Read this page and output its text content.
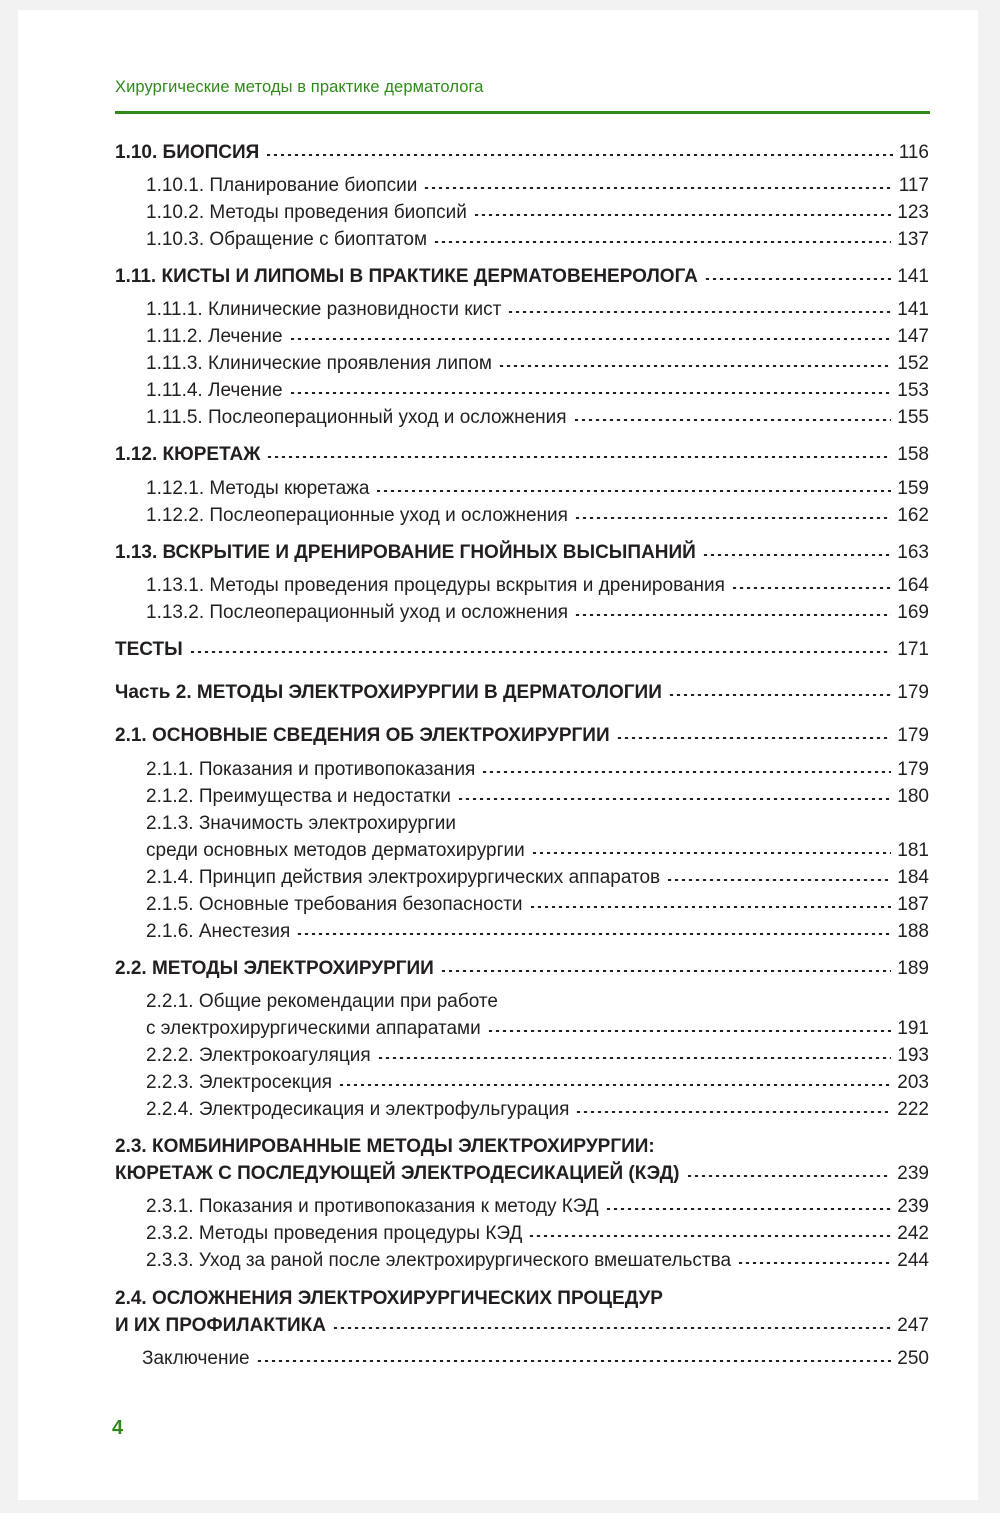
Хирургические методы в практике дерматолога
1.10. БИОПСИЯ	116
1.10.1. Планирование биопсии	117
1.10.2. Методы проведения биопсий	123
1.10.3. Обращение с биоптатом	137
1.11. КИСТЫ И ЛИПОМЫ В ПРАКТИКЕ ДЕРМАТОВЕНЕРОЛОГА	141
1.11.1. Клинические разновидности кист	141
1.11.2. Лечение	147
1.11.3. Клинические проявления липом	152
1.11.4. Лечение	153
1.11.5. Послеоперационный уход и осложнения	155
1.12. КЮРЕТАЖ	158
1.12.1. Методы кюретажа	159
1.12.2. Послеоперационные уход и осложнения	162
1.13. ВСКРЫТИЕ И ДРЕНИРОВАНИЕ ГНОЙНЫХ ВЫСЫПАНИЙ	163
1.13.1. Методы проведения процедуры вскрытия и дренирования	164
1.13.2. Послеоперационный уход и осложнения	169
ТЕСТЫ	171
Часть 2. МЕТОДЫ ЭЛЕКТРОХИРУРГИИ В ДЕРМАТОЛОГИИ	179
2.1. ОСНОВНЫЕ СВЕДЕНИЯ ОБ ЭЛЕКТРОХИРУРГИИ	179
2.1.1. Показания и противопоказания	179
2.1.2. Преимущества и недостатки	180
2.1.3. Значимость электрохирургии
среди основных методов дерматохирургии	181
2.1.4. Принцип действия электрохирургических аппаратов	184
2.1.5. Основные требования безопасности	187
2.1.6. Анестезия	188
2.2. МЕТОДЫ ЭЛЕКТРОХИРУРГИИ	189
2.2.1. Общие рекомендации при работе
с электрохирургическими аппаратами	191
2.2.2. Электрокоагуляция	193
2.2.3. Электросекция	203
2.2.4. Электродесикация и электрофульгурация	222
2.3. КОМБИНИРОВАННЫЕ МЕТОДЫ ЭЛЕКТРОХИРУРГИИ:
КЮРЕТАЖ С ПОСЛЕДУЮЩЕЙ ЭЛЕКТРОДЕСИКАЦИЕЙ (КЭД)	239
2.3.1. Показания и противопоказания к методу КЭД	239
2.3.2. Методы проведения процедуры КЭД	242
2.3.3. Уход за раной после электрохирургического вмешательства	244
2.4. ОСЛОЖНЕНИЯ ЭЛЕКТРОХИРУРГИЧЕСКИХ ПРОЦЕДУР
И ИХ ПРОФИЛАКТИКА	247
Заключение	250
4
